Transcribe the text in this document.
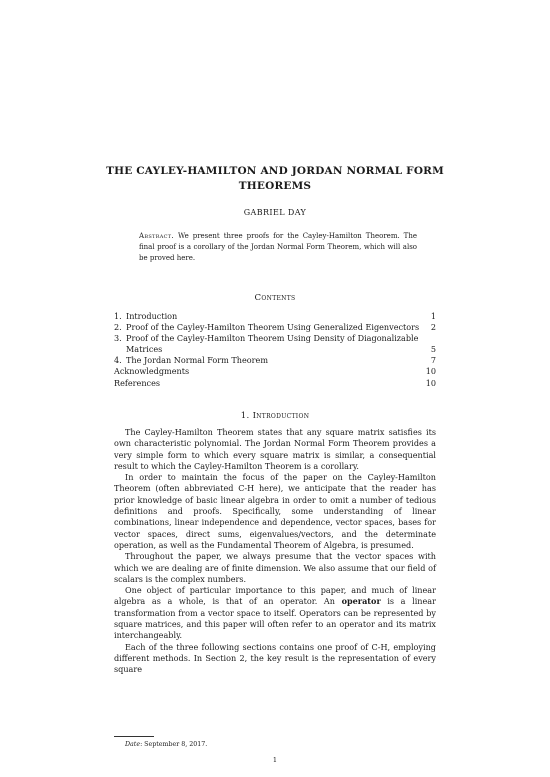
THE CAYLEY-HAMILTON AND JORDAN NORMAL FORM
THEOREMS
GABRIEL DAY
Abstract. We present three proofs for the Cayley-Hamilton Theorem. The final proof is a corollary of the Jordan Normal Form Theorem, which will also be proved here.
Contents
1. Introduction	1
2. Proof of the Cayley-Hamilton Theorem Using Generalized Eigenvectors 2
3. Proof of the Cayley-Hamilton Theorem Using Density of Diagonalizable
Matrices	5
4. The Jordan Normal Form Theorem	7
Acknowledgments	10
References	10
1. Introduction

The Cayley-Hamilton Theorem states that any square matrix satisfies its own characteristic polynomial. The Jordan Normal Form Theorem provides a very simple form to which every square matrix is similar, a consequential result to which the Cayley-Hamilton Theorem is a corollary.

In order to maintain the focus of the paper on the Cayley-Hamilton Theorem (often abbreviated C-H here), we anticipate that the reader has prior knowledge of basic linear algebra in order to omit a number of tedious definitions and proofs. Specifically, some understanding of linear combinations, linear independence and dependence, vector spaces, bases for vector spaces, direct sums, eigenvalues/vectors, and the determinate operation, as well as the Fundamental Theorem of Algebra, is presumed.

Throughout the paper, we always presume that the vector spaces with which we are dealing are of finite dimension. We also assume that our field of scalars is the complex numbers.

One object of particular importance to this paper, and much of linear algebra as a whole, is that of an operator. An operator is a linear transformation from a vector space to itself. Operators can be represented by square matrices, and this paper will often refer to an operator and its matrix interchangeably.

Each of the three following sections contains one proof of C-H, employing different methods. In Section 2, the key result is the representation of every square

Date: September 8, 2017.
1
